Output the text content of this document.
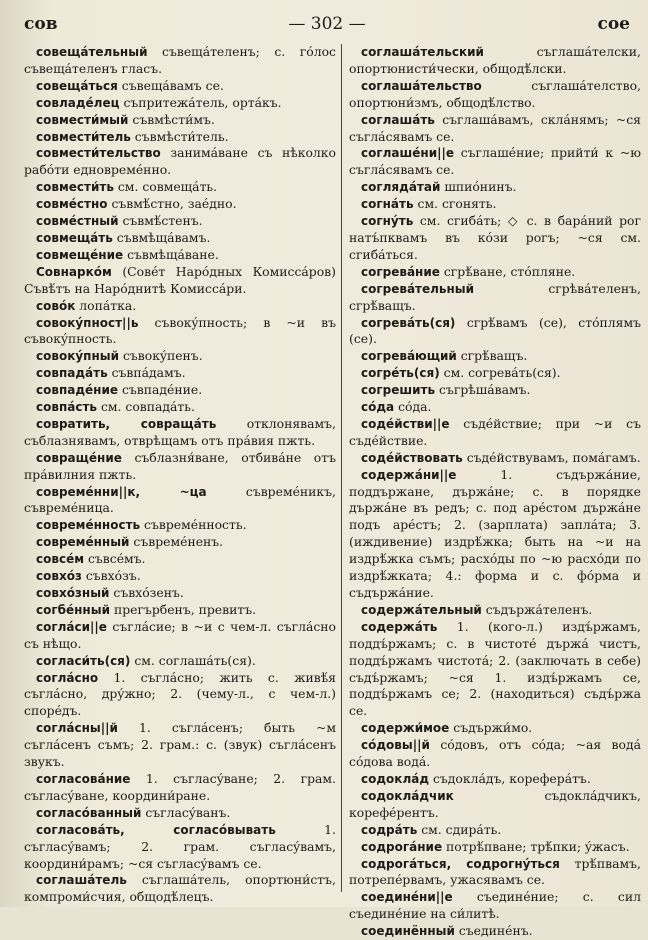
сов	— 302 —	сое

совещáтельный съвещáтеленъ; с. гóлос съвещáтеленъ гласъ.

совещáться съвещáвамъ се.

совладéлец съпритежáтель, ортáкъ.

совмести́мый съвмѣсти́мъ.

совмести́тель съвмѣсти́тель.

совмести́тельство занимáване съ нѣколко рабóти едновремéнно.

совмести́ть см. совмещáть.

совмéстно съвмѣ́стно, заéдно.

совмéстный съвмѣ́стенъ.

совмещáть съвмѣщáвамъ.

совмещéние съвмѣщáване.

Совнаркóм (Совéт Нарóдных Комиссáров) Съвѣ́тъ на Нарóднитѣ Комиссáри.

совóк лопáтка.

совокýпност||ь съвокýпность; в ~и въ съвокýпность.

совокýпный съвокýпенъ.

совпадáть съвпáдамъ.

совпадéние съвпадéние.

совпáсть см. совпадáть.

совратить, совращáть отклонявамъ, съблазнявамъ, отврѣщамъ отъ прáвия пжть.

совращéние съблазня́ване, отбивáне отъ прáвилния пжть.

совремéнни||к, ~ца съвремéникъ, съвремéница.

совремéнность съвремéнность.

совремéнный съвремéненъ.

совсéм съвсéмъ.

совхóз съвхóзъ.

совхóзный съвхóзенъ.

согбéнный прегърбенъ, превитъ.

соглáси||е съглáсие; в ~и с чем-л. съглáсно съ нѣщо.

согласи́ть(ся) см. соглашáть(ся).

соглáсно 1. съглáсно; жить с. живѣ́я съглáсно, дрýжно; 2. (чему-л., с чем-л.) спорéдъ.

соглáсны||й 1. съглáсенъ; быть ~м съглáсенъ съмъ; 2. грам.: с. (звук) съглáсенъ звукъ.

согласовáние 1. съгласýване; 2. грам. съгласýване, координи́ране.

согласóванный съгласýванъ.

согласовáть, согласóвывать 1. съгласýвамъ; 2. грам. съгласýвамъ, координи́рамъ; ~ся съгласýвамъ се.

соглашáтель съглашáтель, опортюни́стъ, компроми́счия, общодѣ́лецъ.

соглашáтельский съглашáтелски, опортюнисти́чески, общодѣ́лски.

соглашáтельство съглашáтелство, опортюни́змъ, общодѣ́лство.

соглашáть съглашáвамъ, склáнямъ; ~ся съглáсявамъ се.

соглашéни||е съглашéние; прийти́ к ~ю съглáсявамъ се.

соглядáтай шпиóнинъ.

согнáть см. сгонять.

согнýть см. сгибáть; ◇ с. в барáний рог натъ́пквамъ въ кóзи рогъ; ~ся см. сгибáться.

согревáние сгрѣ́ване, стóпляне.

согревáтельный сгрѣвáтеленъ, сгрѣ́вaщъ.

согревáть(ся) сгрѣ́вамъ (се), стóплямъ (се).

согревáющий сгрѣ́ващъ.

согрéть(ся) см. согревáть(ся).

согрешить съгрѣшáвамъ.

сóда сóда.

содéйстви||е съдéйствие; при ~и съ съдéйствие.

содéйствовать съдéйствувамъ, помáгамъ.

содержáни||е 1. съдържáние, поддържане, държáне; с. в порядке държáне въ редъ; с. под арéстом държáне подъ арéстъ; 2. (зарплата) заплáта; 3. (иждивение) издрѣ́жка; быть на ~и на издрѣ́жка съмъ; расхóды по ~ю расхóди по издрѣ́жката; 4.: форма и с. фóрма и съдържáние.

содержáтельный съдържáтеленъ.

содержáть 1. (когo-л.) издъ́ржамъ, поддъ́ржамъ; с. в чистотé държá чистъ, поддъ́ржамъ чистотá; 2. (заключать в себе) съдъ́ржамъ; ~ся 1. издъ́ржамъ се, поддъ́ржамъ се; 2. (находиться) съдъ́ржа се.

содержи́мое съдържи́мо.

сóдовы||й сóдовъ, отъ сóда; ~ая водá сóдова водá.

содоклáд съдоклáдъ, кореферáтъ.

содоклáдчик съдоклáдчикъ, корефéрентъ.

содрáть см. сдирáть.

содрогáние потрѣ́пване; трѣ́пки; ýжасъ.

содрогáться, содрогнýться трѣ́пвамъ, потрепéрвамъ, ужасявамъ се.

соединéни||е съединéние; с. сил съединéние на си́литѣ.

соединённый съединéнъ.
